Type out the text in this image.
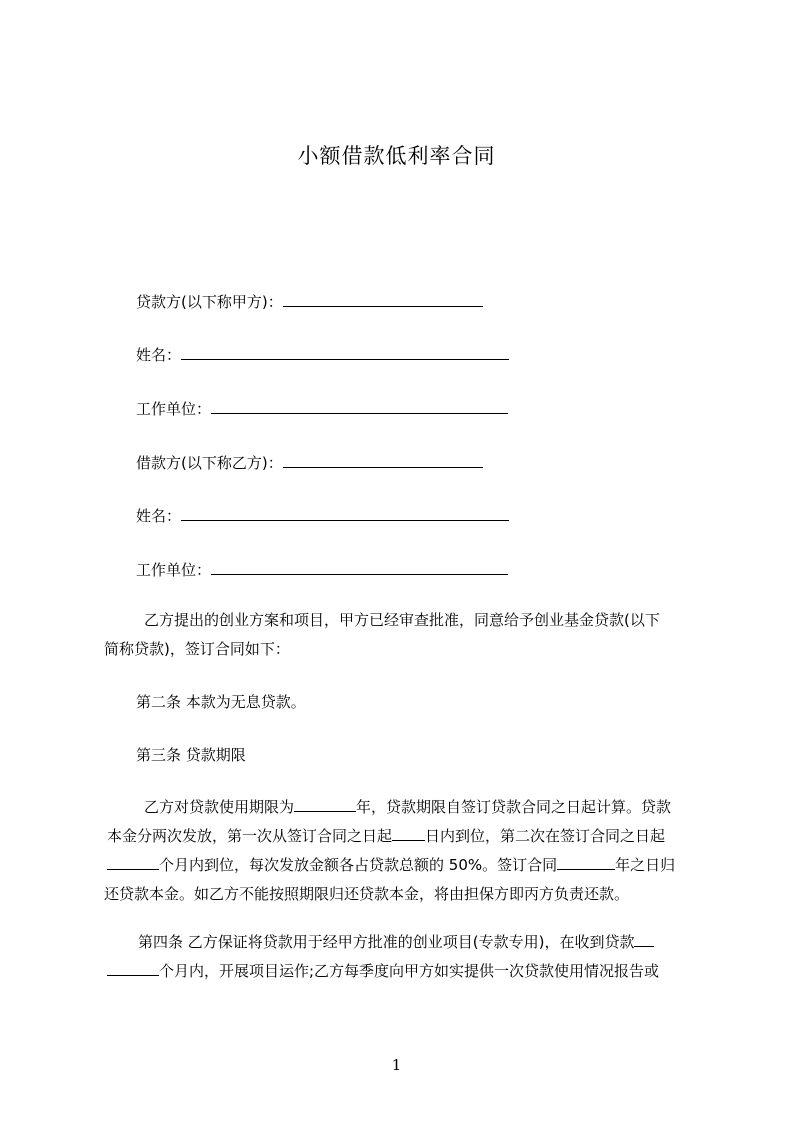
小额借款低利率合同
贷款方(以下称甲方)：
姓名：
工作单位：
借款方(以下称乙方)：
姓名：
工作单位：
乙方提出的创业方案和项目，甲方已经审查批准，同意给予创业基金贷款(以下
简称贷款)，签订合同如下：
第二条 本款为无息贷款。
第三条 贷款期限
乙方对贷款使用期限为	年，贷款期限自签订贷款合同之日起计算。贷款
本金分两次发放，第一次从签订合同之日起 日内到位，第二次在签订合同之日起
个月内到位，每次发放金额各占贷款总额的 50%。签订合同	年之日归
还贷款本金。如乙方不能按照期限归还贷款本金，将由担保方即丙方负责还款。
第四条 乙方保证将贷款用于经甲方批准的创业项目(专款专用)，在收到贷款
个月内，开展项目运作;乙方每季度向甲方如实提供一次贷款使用情况报告或
1
